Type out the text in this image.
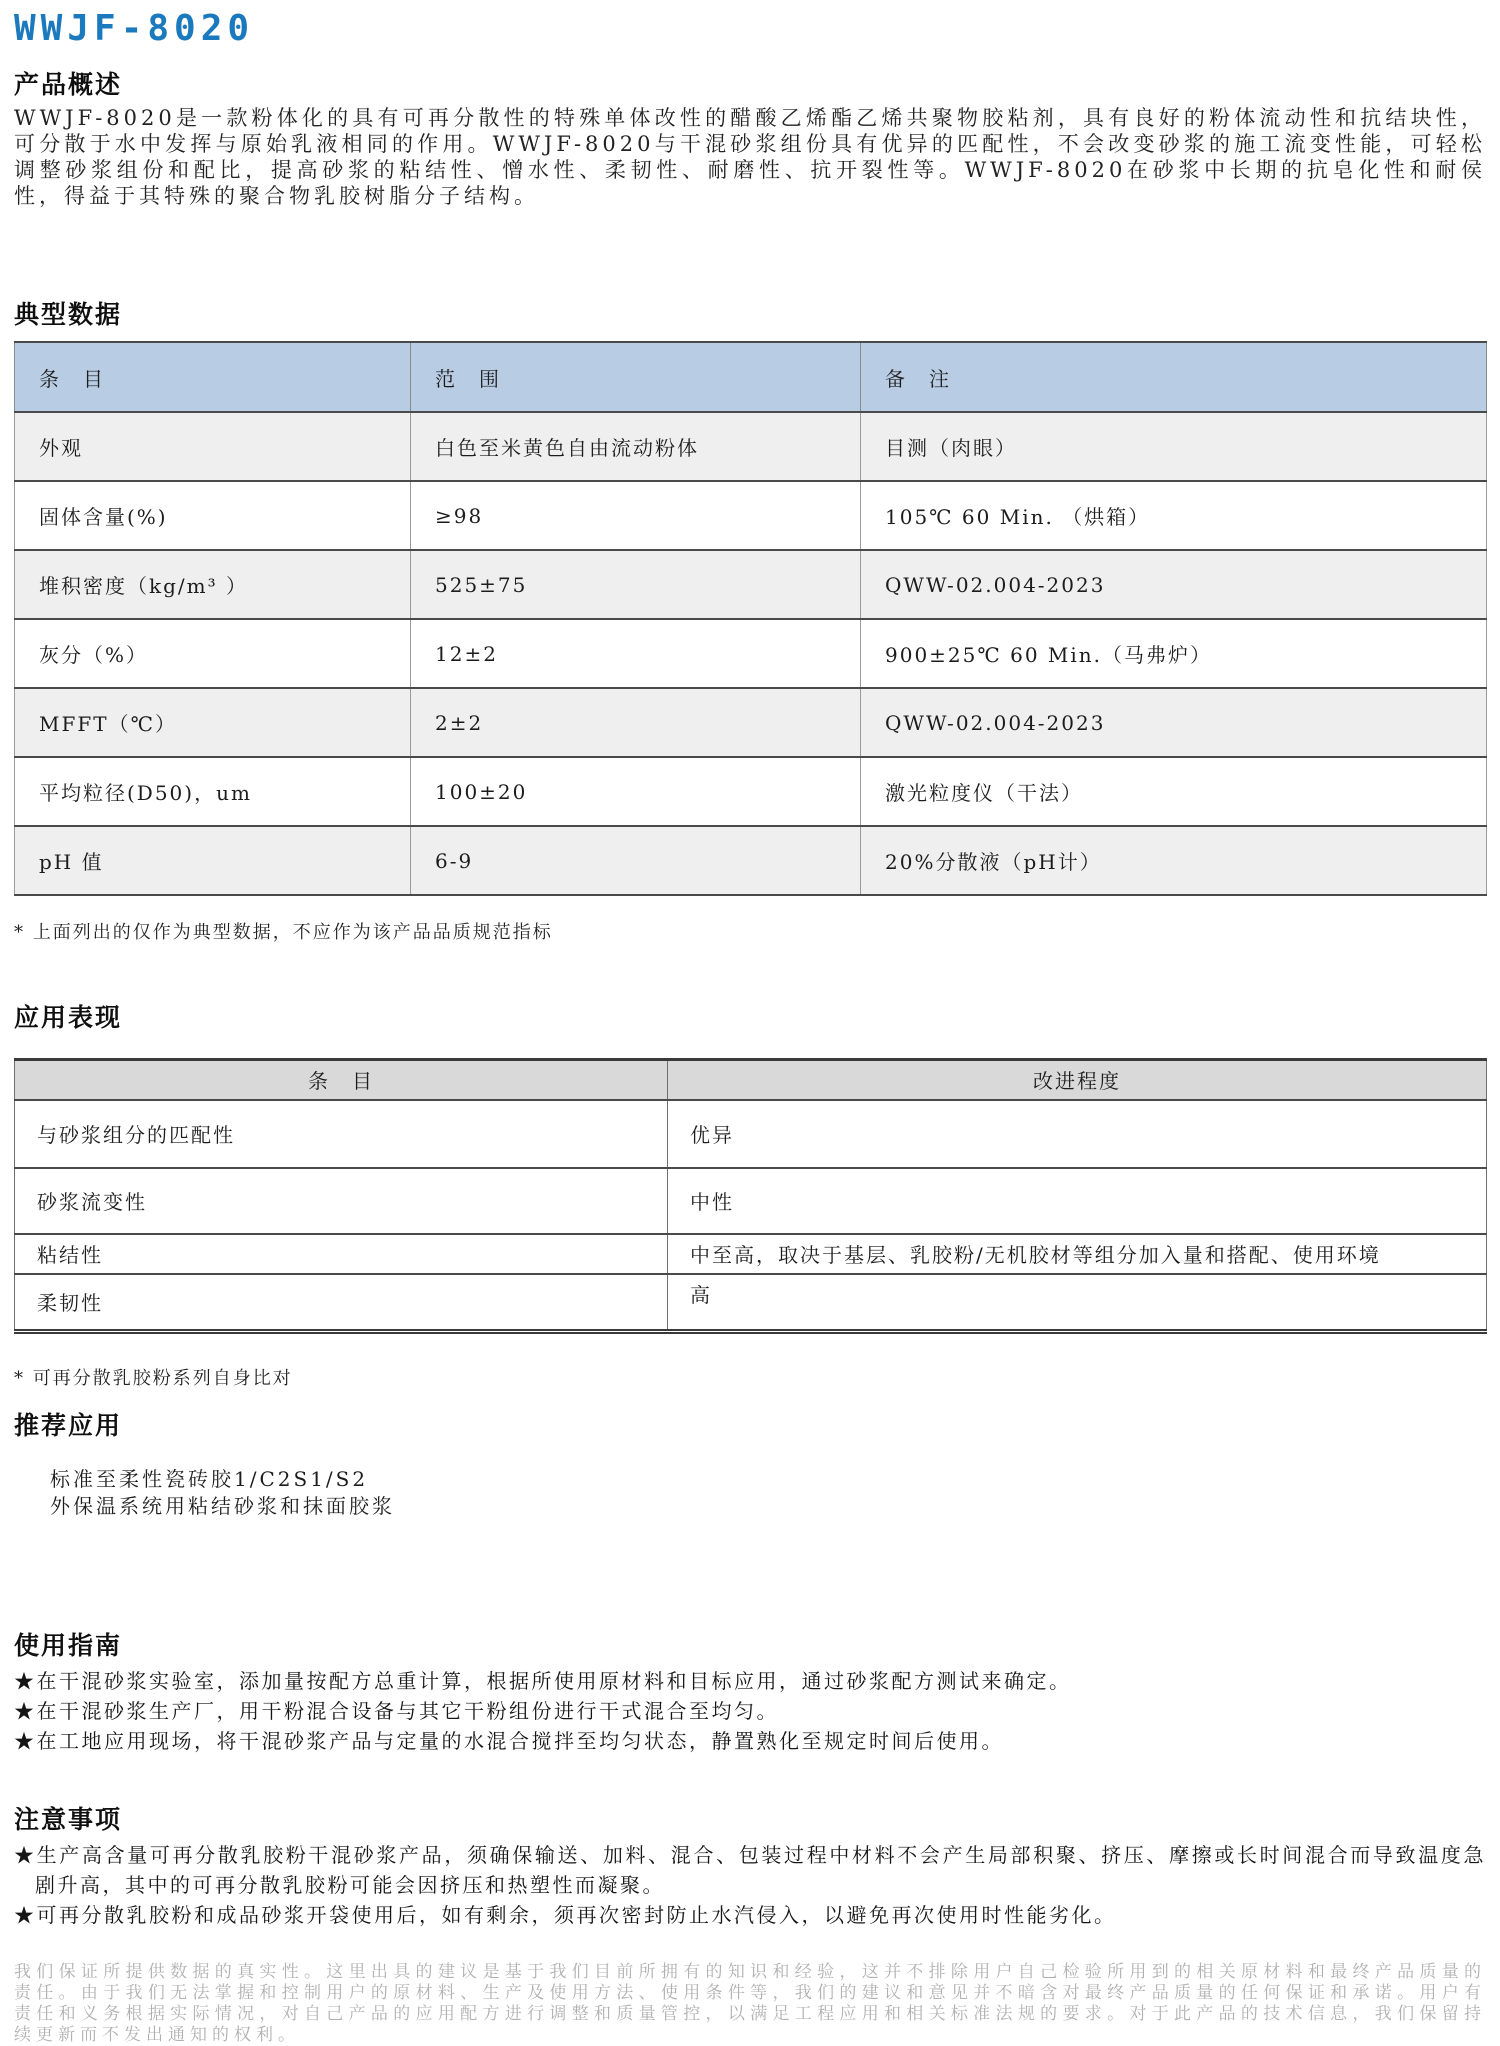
WWJF-8020
产品概述
WWJF-8020是一款粉体化的具有可再分散性的特殊单体改性的醋酸乙烯酯乙烯共聚物胶粘剂，具有良好的粉体流动性和抗结块性，可分散于水中发挥与原始乳液相同的作用。WWJF-8020与干混砂浆组份具有优异的匹配性，不会改变砂浆的施工流变性能，可轻松调整砂浆组份和配比，提高砂浆的粘结性、憎水性、柔韧性、耐磨性、抗开裂性等。WWJF-8020在砂浆中长期的抗皂化性和耐侯性，得益于其特殊的聚合物乳胶树脂分子结构。
典型数据
条　目	范　围	备　注
外观	白色至米黄色自由流动粉体	目测（肉眼）
固体含量(%)	≥98	105℃ 60 Min. （烘箱）
堆积密度（kg/m³ ）	525±75	QWW-02.004-2023
灰分（%）	12±2	900±25℃ 60 Min.（马弗炉）
MFFT（℃）	2±2	QWW-02.004-2023
平均粒径(D50)，um	100±20	激光粒度仪（干法）
pH 值	6-9	20%分散液（pH计）
* 上面列出的仅作为典型数据，不应作为该产品品质规范指标
应用表现
条　目	改进程度
与砂浆组分的匹配性	优异
砂浆流变性	中性
粘结性	中至高，取决于基层、乳胶粉/无机胶材等组分加入量和搭配、使用环境
柔韧性	高
* 可再分散乳胶粉系列自身比对
推荐应用
标准至柔性瓷砖胶1/C2S1/S2
外保温系统用粘结砂浆和抹面胶浆
使用指南
★在干混砂浆实验室，添加量按配方总重计算，根据所使用原材料和目标应用，通过砂浆配方测试来确定。
★在干混砂浆生产厂，用干粉混合设备与其它干粉组份进行干式混合至均匀。
★在工地应用现场，将干混砂浆产品与定量的水混合搅拌至均匀状态，静置熟化至规定时间后使用。
注意事项
★生产高含量可再分散乳胶粉干混砂浆产品，须确保输送、加料、混合、包装过程中材料不会产生局部积聚、挤压、摩擦或长时间混合而导致温度急剧升高，其中的可再分散乳胶粉可能会因挤压和热塑性而凝聚。
★可再分散乳胶粉和成品砂浆开袋使用后，如有剩余，须再次密封防止水汽侵入，以避免再次使用时性能劣化。
我们保证所提供数据的真实性。这里出具的建议是基于我们目前所拥有的知识和经验，这并不排除用户自己检验所用到的相关原材料和最终产品质量的责任。由于我们无法掌握和控制用户的原材料、生产及使用方法、使用条件等，我们的建议和意见并不暗含对最终产品质量的任何保证和承诺。用户有责任和义务根据实际情况，对自己产品的应用配方进行调整和质量管控，以满足工程应用和相关标准法规的要求。对于此产品的技术信息，我们保留持续更新而不发出通知的权利。
